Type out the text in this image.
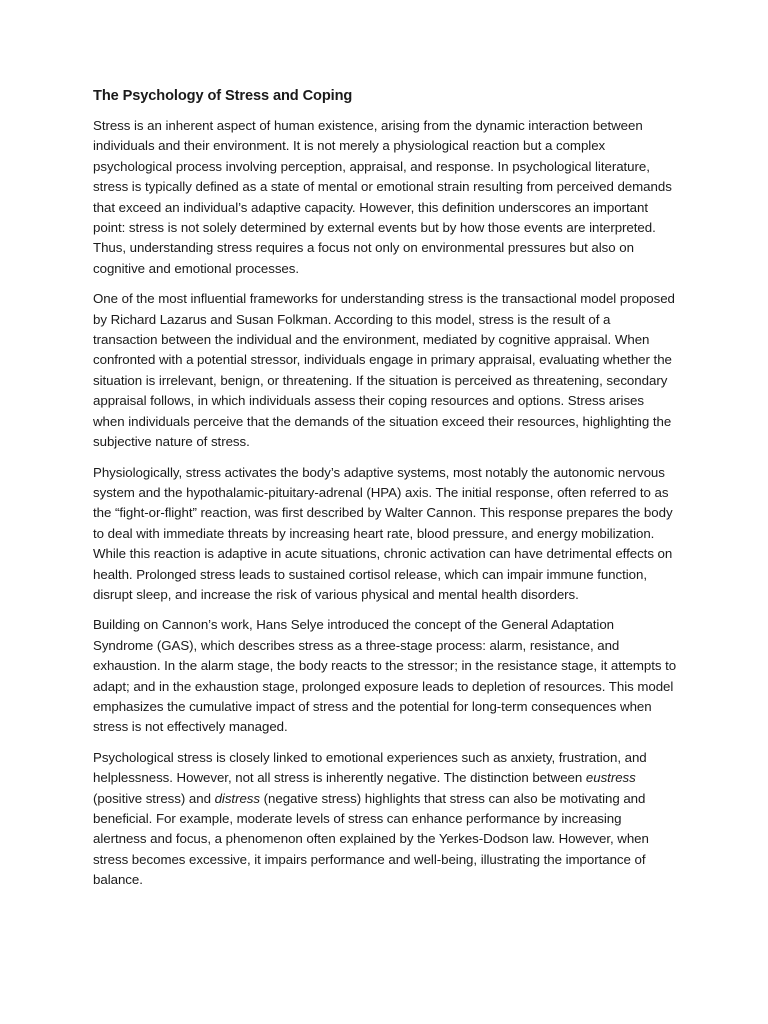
The Psychology of Stress and Coping

Stress is an inherent aspect of human existence, arising from the dynamic interaction between individuals and their environment. It is not merely a physiological reaction but a complex psychological process involving perception, appraisal, and response. In psychological literature, stress is typically defined as a state of mental or emotional strain resulting from perceived demands that exceed an individual’s adaptive capacity. However, this definition underscores an important point: stress is not solely determined by external events but by how those events are interpreted. Thus, understanding stress requires a focus not only on environmental pressures but also on cognitive and emotional processes.

One of the most influential frameworks for understanding stress is the transactional model proposed by Richard Lazarus and Susan Folkman. According to this model, stress is the result of a transaction between the individual and the environment, mediated by cognitive appraisal. When confronted with a potential stressor, individuals engage in primary appraisal, evaluating whether the situation is irrelevant, benign, or threatening. If the situation is perceived as threatening, secondary appraisal follows, in which individuals assess their coping resources and options. Stress arises when individuals perceive that the demands of the situation exceed their resources, highlighting the subjective nature of stress.

Physiologically, stress activates the body’s adaptive systems, most notably the autonomic nervous system and the hypothalamic-pituitary-adrenal (HPA) axis. The initial response, often referred to as the “fight-or-flight” reaction, was first described by Walter Cannon. This response prepares the body to deal with immediate threats by increasing heart rate, blood pressure, and energy mobilization. While this reaction is adaptive in acute situations, chronic activation can have detrimental effects on health. Prolonged stress leads to sustained cortisol release, which can impair immune function, disrupt sleep, and increase the risk of various physical and mental health disorders.

Building on Cannon’s work, Hans Selye introduced the concept of the General Adaptation Syndrome (GAS), which describes stress as a three-stage process: alarm, resistance, and exhaustion. In the alarm stage, the body reacts to the stressor; in the resistance stage, it attempts to adapt; and in the exhaustion stage, prolonged exposure leads to depletion of resources. This model emphasizes the cumulative impact of stress and the potential for long-term consequences when stress is not effectively managed.

Psychological stress is closely linked to emotional experiences such as anxiety, frustration, and helplessness. However, not all stress is inherently negative. The distinction between eustress (positive stress) and distress (negative stress) highlights that stress can also be motivating and beneficial. For example, moderate levels of stress can enhance performance by increasing alertness and focus, a phenomenon often explained by the Yerkes-Dodson law. However, when stress becomes excessive, it impairs performance and well-being, illustrating the importance of balance.
